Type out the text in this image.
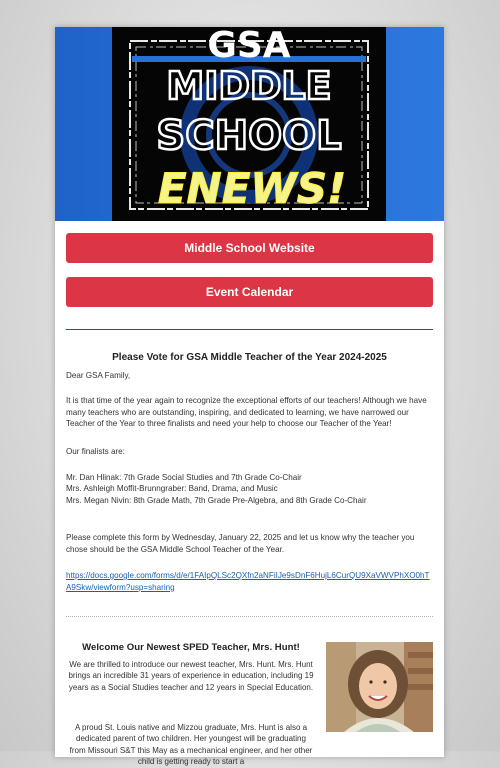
GSA
MIDDLE
SCHOOL
ENEWS!
Middle School Website
Event Calendar
Please Vote for GSA Middle Teacher of the Year 2024-2025

Dear GSA Family,

It is that time of the year again to recognize the exceptional efforts of our teachers! Although we have many teachers who are outstanding, inspiring, and dedicated to learning, we have narrowed our Teacher of the Year to three finalists and need your help to choose our Teacher of the Year!

Our finalists are:

Mr. Dan Hlinak: 7th Grade Social Studies and 7th Grade Co-Chair

Mrs. Ashleigh Moffit-Brunngraber: Band, Drama, and Music

Mrs. Megan Nivin: 8th Grade Math, 7th Grade Pre-Algebra, and 8th Grade Co-Chair

Please complete this form by Wednesday, January 22, 2025 and let us know why the teacher you chose should be the GSA Middle School Teacher of the Year.

https://docs.google.com/forms/d/e/1FAIpQLSc2QXfn2aNFiIJe9sDnF6HujL6CurQU9XaVWVPhXO0hTA9Skw/viewform?usp=sharing
Welcome Our Newest SPED Teacher, Mrs. Hunt!

We are thrilled to introduce our newest teacher, Mrs. Hunt. Mrs. Hunt brings an incredible 31 years of experience in education, including 19 years as a Social Studies teacher and 12 years in Special Education.

A proud St. Louis native and Mizzou graduate, Mrs. Hunt is also a dedicated parent of two children. Her youngest will be graduating from Missouri S&T this May as a mechanical engineer, and her other child is getting ready to start a
